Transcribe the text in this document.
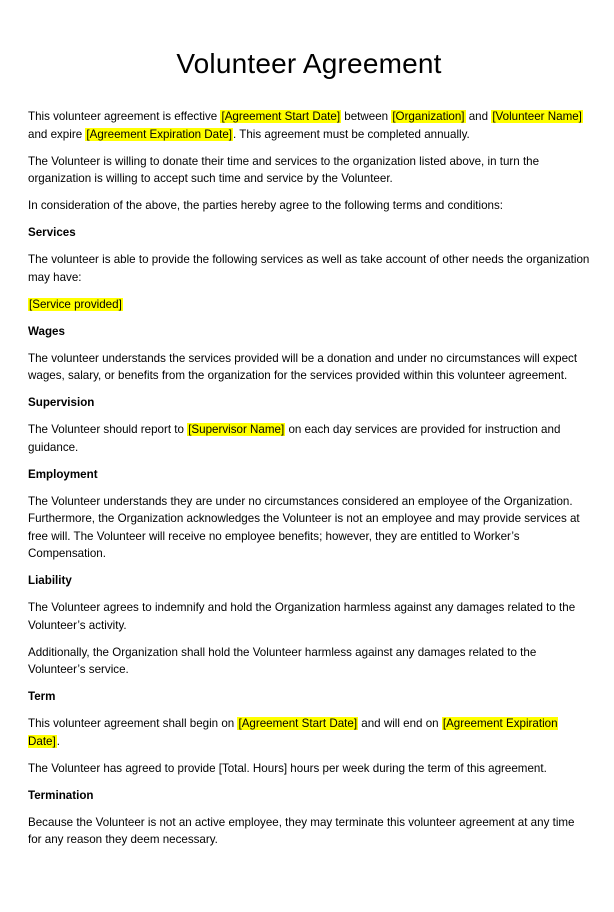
Volunteer Agreement

This volunteer agreement is effective [Agreement Start Date] between [Organization] and [Volunteer Name] and expire [Agreement Expiration Date]. This agreement must be completed annually.

The Volunteer is willing to donate their time and services to the organization listed above, in turn the organization is willing to accept such time and service by the Volunteer.

In consideration of the above, the parties hereby agree to the following terms and conditions:

Services

The volunteer is able to provide the following services as well as take account of other needs the organization may have:

[Service provided]

Wages

The volunteer understands the services provided will be a donation and under no circumstances will expect wages, salary, or benefits from the organization for the services provided within this volunteer agreement.

Supervision

The Volunteer should report to [Supervisor Name] on each day services are provided for instruction and guidance.

Employment

The Volunteer understands they are under no circumstances considered an employee of the Organization. Furthermore, the Organization acknowledges the Volunteer is not an employee and may provide services at free will. The Volunteer will receive no employee benefits; however, they are entitled to Worker’s Compensation.

Liability

The Volunteer agrees to indemnify and hold the Organization harmless against any damages related to the Volunteer’s activity.

Additionally, the Organization shall hold the Volunteer harmless against any damages related to the Volunteer’s service.

Term

This volunteer agreement shall begin on [Agreement Start Date] and will end on [Agreement Expiration Date].

The Volunteer has agreed to provide [Total. Hours] hours per week during the term of this agreement.

Termination

Because the Volunteer is not an active employee, they may terminate this volunteer agreement at any time for any reason they deem necessary.
